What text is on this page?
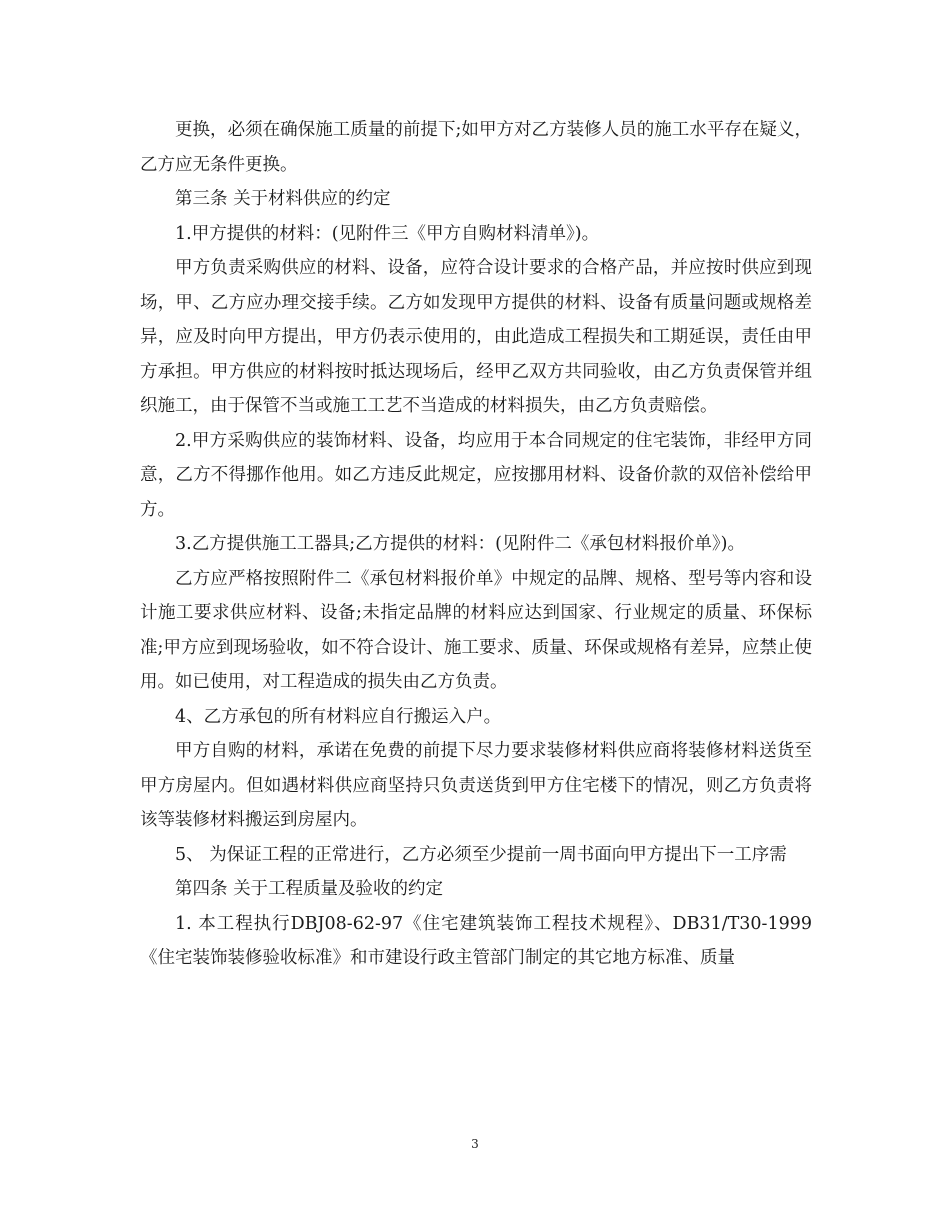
更换，必须在确保施工质量的前提下;如甲方对乙方装修人员的施工水平存在疑义，乙方应无条件更换。

第三条 关于材料供应的约定

1.甲方提供的材料：(见附件三《甲方自购材料清单》)。

甲方负责采购供应的材料、设备，应符合设计要求的合格产品，并应按时供应到现场，甲、乙方应办理交接手续。乙方如发现甲方提供的材料、设备有质量问题或规格差异，应及时向甲方提出，甲方仍表示使用的，由此造成工程损失和工期延误，责任由甲方承担。甲方供应的材料按时抵达现场后，经甲乙双方共同验收，由乙方负责保管并组织施工，由于保管不当或施工工艺不当造成的材料损失，由乙方负责赔偿。

2.甲方采购供应的装饰材料、设备，均应用于本合同规定的住宅装饰，非经甲方同意，乙方不得挪作他用。如乙方违反此规定，应按挪用材料、设备价款的双倍补偿给甲方。

3.乙方提供施工工器具;乙方提供的材料：(见附件二《承包材料报价单》)。

乙方应严格按照附件二《承包材料报价单》中规定的品牌、规格、型号等内容和设计施工要求供应材料、设备;未指定品牌的材料应达到国家、行业规定的质量、环保标准;甲方应到现场验收，如不符合设计、施工要求、质量、环保或规格有差异，应禁止使用。如已使用，对工程造成的损失由乙方负责。

4、乙方承包的所有材料应自行搬运入户。

甲方自购的材料，承诺在免费的前提下尽力要求装修材料供应商将装修材料送货至甲方房屋内。但如遇材料供应商坚持只负责送货到甲方住宅楼下的情况，则乙方负责将该等装修材料搬运到房屋内。

5、 为保证工程的正常进行，乙方必须至少提前一周书面向甲方提出下一工序需

第四条 关于工程质量及验收的约定

1. 本工程执行DBJ08-62-97《住宅建筑装饰工程技术规程》、DB31/T30-1999《住宅装饰装修验收标准》和市建设行政主管部门制定的其它地方标准、质量

3
